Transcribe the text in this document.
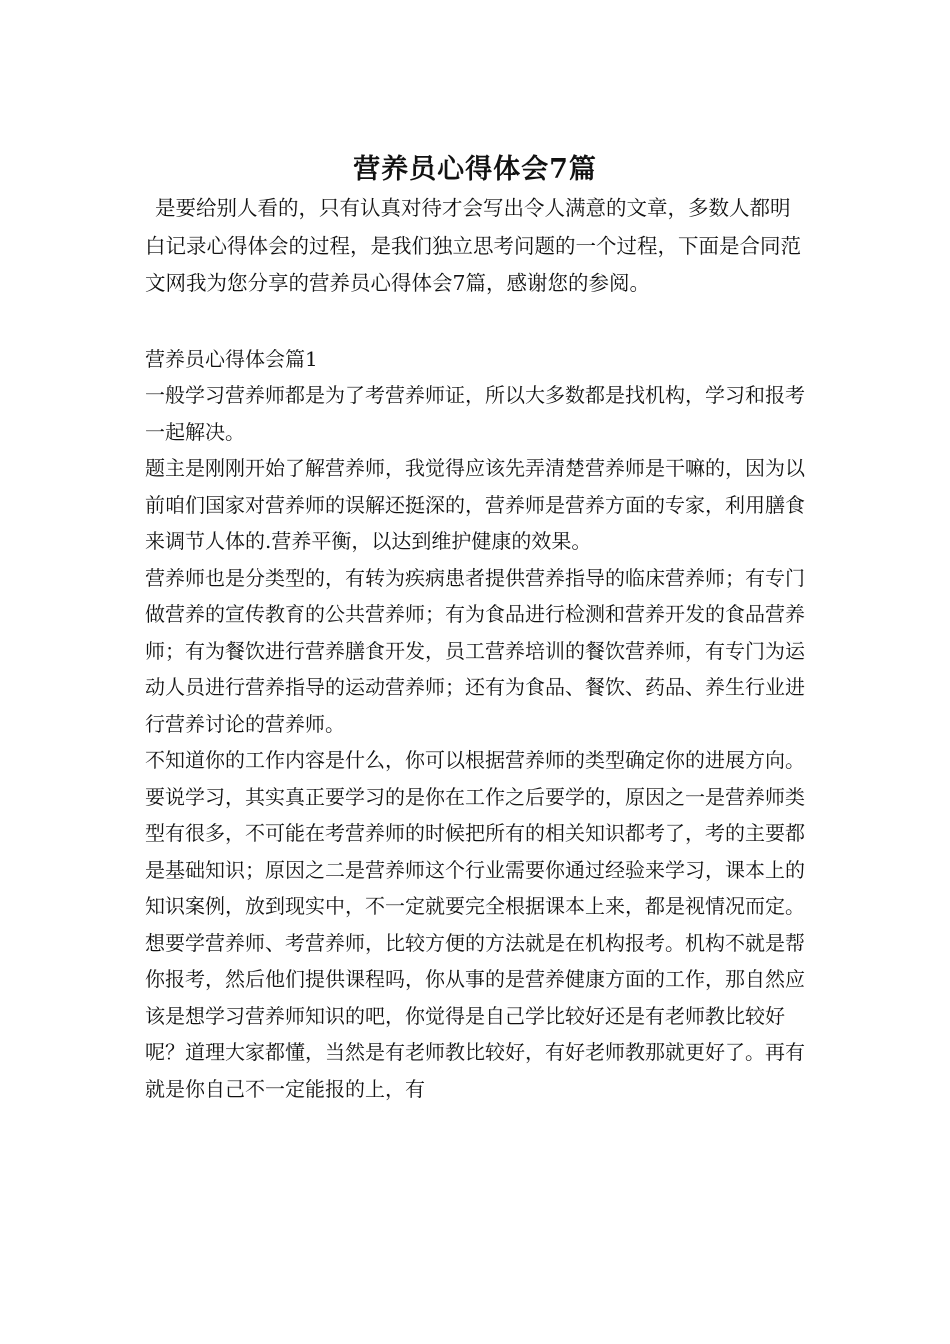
营养员心得体会7篇

是要给别人看的，只有认真对待才会写出令人满意的文章，多数人都明白记录心得体会的过程，是我们独立思考问题的一个过程，下面是合同范文网我为您分享的营养员心得体会7篇，感谢您的参阅。

营养员心得体会篇1

一般学习营养师都是为了考营养师证，所以大多数都是找机构，学习和报考一起解决。

题主是刚刚开始了解营养师，我觉得应该先弄清楚营养师是干嘛的，因为以前咱们国家对营养师的误解还挺深的，营养师是营养方面的专家，利用膳食来调节人体的.营养平衡，以达到维护健康的效果。

营养师也是分类型的，有转为疾病患者提供营养指导的临床营养师；有专门做营养的宣传教育的公共营养师；有为食品进行检测和营养开发的食品营养师；有为餐饮进行营养膳食开发，员工营养培训的餐饮营养师，有专门为运动人员进行营养指导的运动营养师；还有为食品、餐饮、药品、养生行业进行营养讨论的营养师。

不知道你的工作内容是什么，你可以根据营养师的类型确定你的进展方向。

要说学习，其实真正要学习的是你在工作之后要学的，原因之一是营养师类型有很多，不可能在考营养师的时候把所有的相关知识都考了，考的主要都是基础知识；原因之二是营养师这个行业需要你通过经验来学习，课本上的知识案例，放到现实中，不一定就要完全根据课本上来，都是视情况而定。

想要学营养师、考营养师，比较方便的方法就是在机构报考。机构不就是帮你报考，然后他们提供课程吗，你从事的是营养健康方面的工作，那自然应该是想学习营养师知识的吧，你觉得是自己学比较好还是有老师教比较好呢？道理大家都懂，当然是有老师教比较好，有好老师教那就更好了。再有就是你自己不一定能报的上，有
